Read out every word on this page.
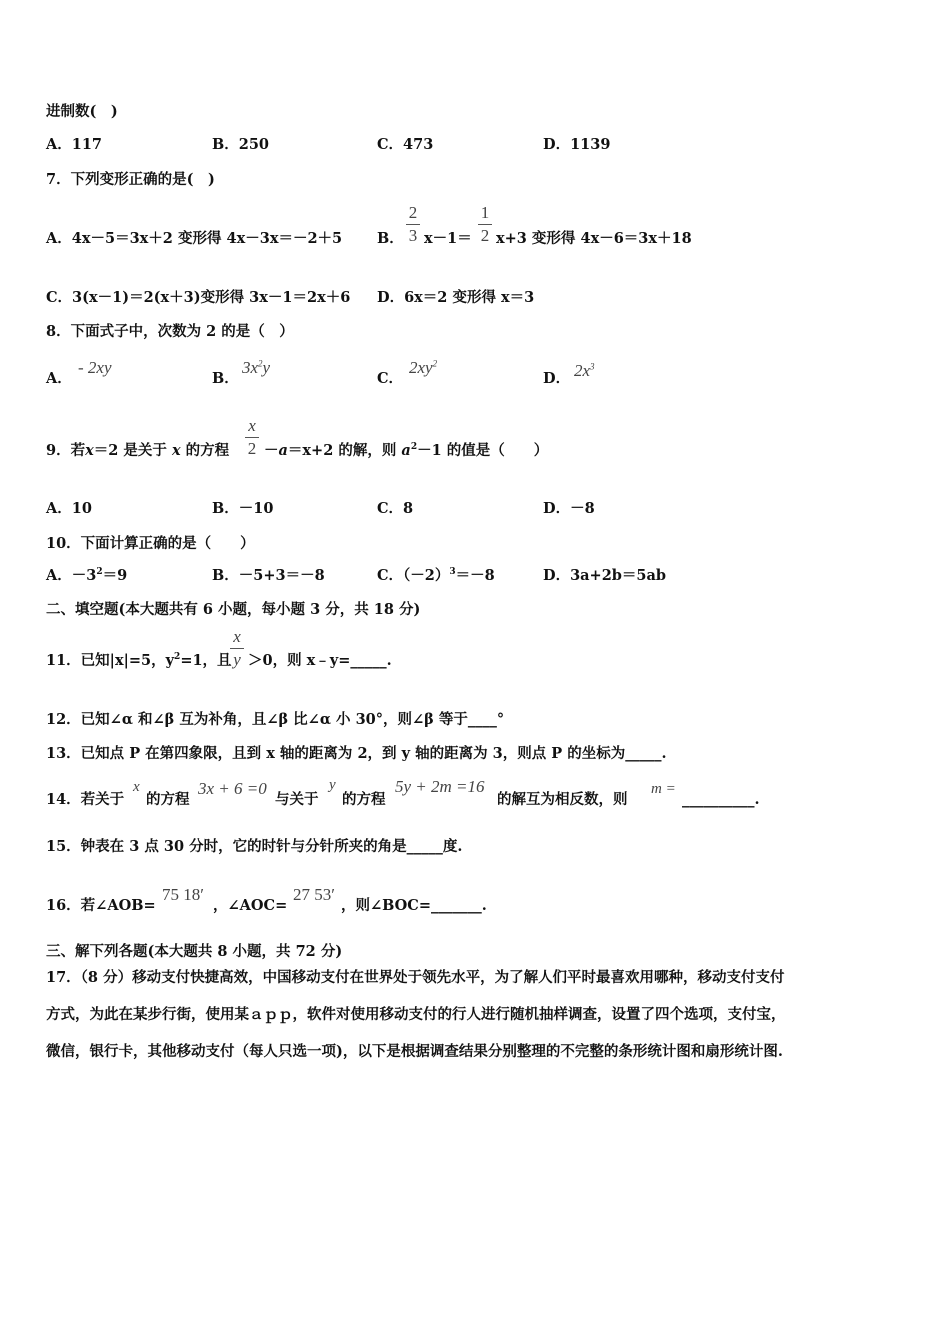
进制数(　)
A．117	B．250	C．473	D．1139
7．下列变形正确的是(　)
A．4x－5＝3x＋2 变形得 4x－3x＝－2＋5 B．
2
3 x－1＝
1
2 x+3 变形得 4x－6＝3x＋18
C．3(x－1)＝2(x＋3)变形得 3x－1＝2x＋6 D．6x＝2 变形得 x＝3
8．下面式子中，次数为 2 的是（　）
A．
- 2xy
B．
$3x^2y$
C．
$2xy^2$
D． $2x^3$
9．若x＝2 是关于 x 的方程
x
2 －a＝x+2 的解，则 $a^2-1$ 的值是（　　）
A．10	B．－10	C．8	D．－8
10．下面计算正确的是（　　）
A．$-3^2=9$	B．－5+3＝－8	C．$(-2)^3=-8$	D．3a+2b＝5ab
二、填空题(本大题共有 6 小题，每小题 3 分，共 18 分)
11．已知|x|=5，$y^2=1$，且
x
y ＞0，则 x﹣y=_____.
12．已知∠α 和∠β 互为补角，且∠β 比∠α 小 30°，则∠β 等于____°
13．已知点 P 在第四象限，且到 x 轴的距离为 2，到 y 轴的距离为 3，则点 P 的坐标为_____.
14．若关于
x
的方程
3x + 6 =0
与关于
y
的方程
5y + 2m =16
的解互为相反数，则
m =
__________.
15．钟表在 3 点 30 分时，它的时针与分针所夹的角是_____度.
16．若∠AOB=
75 18′
，∠AOC=
27 53′
，则∠BOC=_______.
三、解下列各题(本大题共 8 小题，共 72 分)
17．（8 分）移动支付快捷高效，中国移动支付在世界处于领先水平，为了解人们平时最喜欢用哪种，移动支付支付
方式，为此在某步行街，使用某ａｐｐ，软件对使用移动支付的行人进行随机抽样调查，设置了四个选项，支付宝，
微信，银行卡，其他移动支付（每人只选一项)，以下是根据调查结果分别整理的不完整的条形统计图和扇形统计图.
